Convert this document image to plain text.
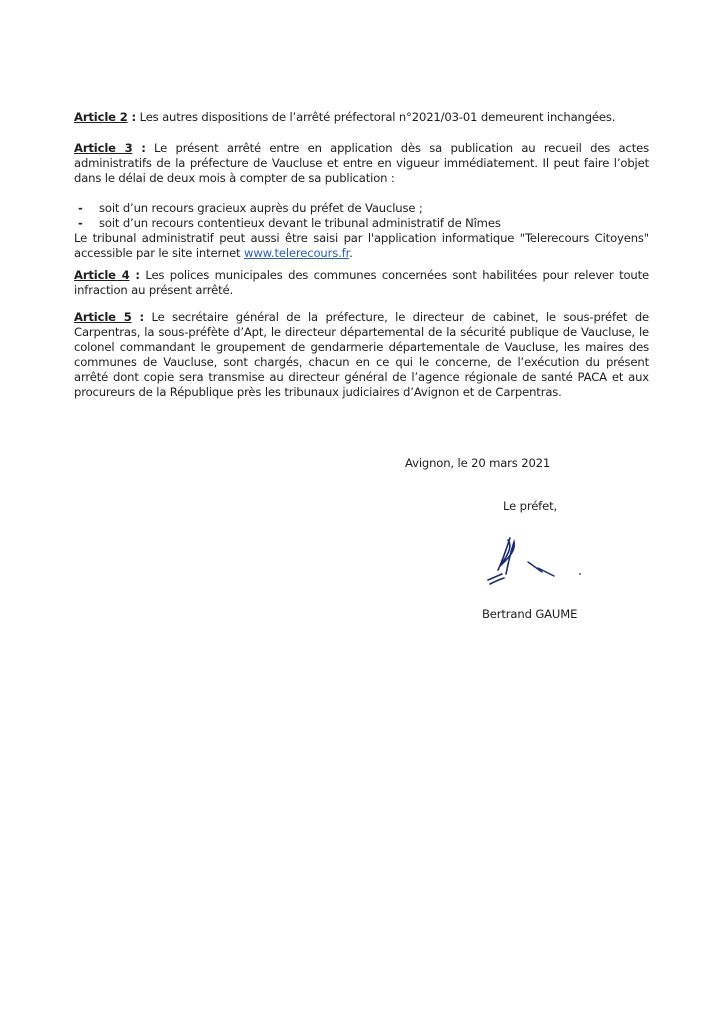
Article 2 : Les autres dispositions de l’arrêté préfectoral n°2021/03-01 demeurent inchangées.

Article 3 : Le présent arrêté entre en application dès sa publication au recueil des actes administratifs de la préfecture de Vaucluse et entre en vigueur immédiatement. Il peut faire l’objet dans le délai de deux mois à compter de sa publication :

- soit d’un recours gracieux auprès du préfet de Vaucluse ;
- soit d’un recours contentieux devant le tribunal administratif de Nîmes

Le tribunal administratif peut aussi être saisi par l'application informatique "Telerecours Citoyens" accessible par le site internet www.telerecours.fr.

Article 4 : Les polices municipales des communes concernées sont habilitées pour relever toute infraction au présent arrêté.

Article 5 : Le secrétaire général de la préfecture, le directeur de cabinet, le sous-préfet de Carpentras, la sous-préfète d’Apt, le directeur départemental de la sécurité publique de Vaucluse, le colonel commandant le groupement de gendarmerie départementale de Vaucluse, les maires des communes de Vaucluse, sont chargés, chacun en ce qui le concerne, de l’exécution du présent arrêté dont copie sera transmise au directeur général de l’agence régionale de santé PACA et aux procureurs de la République près les tribunaux judiciaires d’Avignon et de Carpentras.

Avignon, le 20 mars 2021
Le préfet,
Bertrand GAUME
